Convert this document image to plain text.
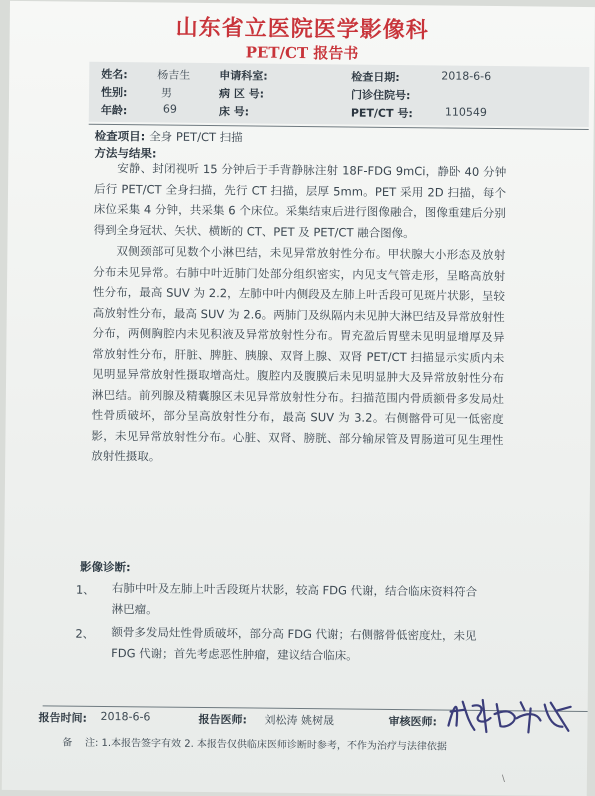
山东省立医院医学影像科
PET/CT 报告书
姓名:	杨吉生	申请科室:	检查日期:	2018-6-6
性别:	男	病 区 号:	门诊住院号:
年龄:	69	床 号:	PET/CT 号:	110549
检查项目: 全身 PET/CT 扫描
方法与结果:

安静、封闭视听 15 分钟后于手背静脉注射 18F-FDG 9mCi，静卧 40 分钟后行 PET/CT 全身扫描，先行 CT 扫描，层厚 5mm。PET 采用 2D 扫描，每个床位采集 4 分钟，共采集 6 个床位。采集结束后进行图像融合，图像重建后分别得到全身冠状、矢状、横断的 CT、PET 及 PET/CT 融合图像。

双侧颈部可见数个小淋巴结，未见异常放射性分布。甲状腺大小形态及放射分布未见异常。右肺中叶近肺门处部分组织密实，内见支气管走形，呈略高放射性分布，最高 SUV 为 2.2，左肺中叶内侧段及左肺上叶舌段可见斑片状影，呈较高放射性分布，最高 SUV 为 2.6。两肺门及纵隔内未见肿大淋巴结及异常放射性分布，两侧胸腔内未见积液及异常放射性分布。胃充盈后胃壁未见明显增厚及异常放射性分布，肝脏、脾脏、胰腺、双肾上腺、双肾 PET/CT 扫描显示实质内未见明显异常放射性摄取增高灶。腹腔内及腹膜后未见明显肿大及异常放射性分布淋巴结。前列腺及精囊腺区未见异常放射性分布。扫描范围内骨质额骨多发局灶性骨质破坏，部分呈高放射性分布，最高 SUV 为 3.2。右侧髂骨可见一低密度影，未见异常放射性分布。心脏、双肾、膀胱、部分输尿管及胃肠道可见生理性放射性摄取。

影像诊断:
1、 右肺中叶及左肺上叶舌段斑片状影，较高 FDG 代谢，结合临床资料符合淋巴瘤。
2、 额骨多发局灶性骨质破坏，部分高 FDG 代谢；右侧髂骨低密度灶，未见 FDG 代谢；首先考虑恶性肿瘤，建议结合临床。
报告时间: 2018-6-6	报告医师: 刘松涛 姚树晟	审核医师:
备 注: 1.本报告签字有效 2. 本报告仅供临床医师诊断时参考，不作为治疗与法律依据
\
